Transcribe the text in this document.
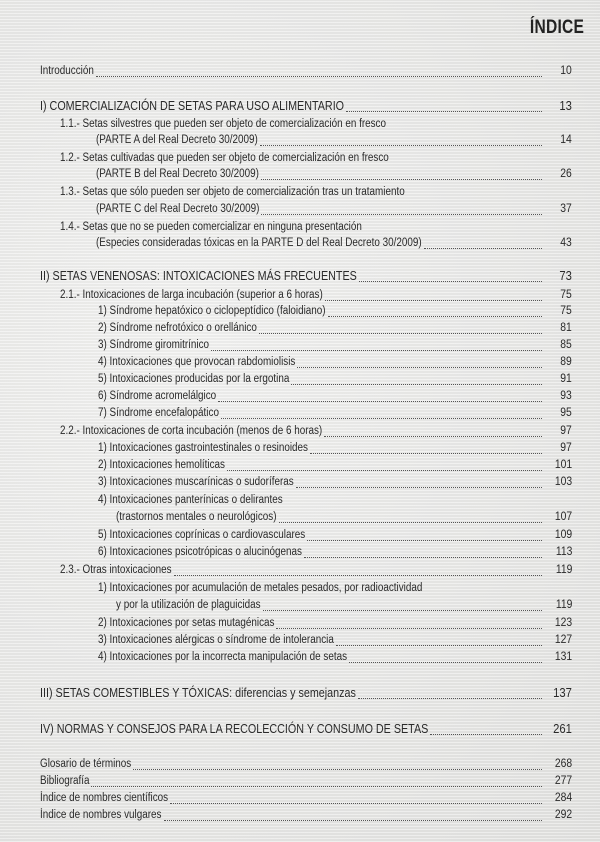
ÍNDICE
Introducción	10
I) COMERCIALIZACIÓN DE SETAS PARA USO ALIMENTARIO	13
1.1.- Setas silvestres que pueden ser objeto de comercialización en fresco
(PARTE A del Real Decreto 30/2009)	14
1.2.- Setas cultivadas que pueden ser objeto de comercialización en fresco
(PARTE B del Real Decreto 30/2009)	26
1.3.- Setas que sólo pueden ser objeto de comercialización tras un tratamiento
(PARTE C del Real Decreto 30/2009)	37
1.4.- Setas que no se pueden comercializar en ninguna presentación
(Especies consideradas tóxicas en la PARTE D del Real Decreto 30/2009)	43
II) SETAS VENENOSAS: INTOXICACIONES MÁS FRECUENTES	73
2.1.- Intoxicaciones de larga incubación (superior a 6 horas)	75
1) Síndrome hepatóxico o ciclopeptídico (faloidiano)	75
2) Síndrome nefrotóxico o orellánico	81
3) Síndrome giromitrínico	85
4) Intoxicaciones que provocan rabdomiolisis	89
5) Intoxicaciones producidas por la ergotina	91
6) Síndrome acromelálgico	93
7) Síndrome encefalopático	95
2.2.- Intoxicaciones de corta incubación (menos de 6 horas)	97
1) Intoxicaciones gastrointestinales o resinoides	97
2) Intoxicaciones hemolíticas	101
3) Intoxicaciones muscarínicas o sudoríferas	103
4) Intoxicaciones panterínicas o delirantes
(trastornos mentales o neurológicos)	107
5) Intoxicaciones coprínicas o cardiovasculares	109
6) Intoxicaciones psicotrópicas o alucinógenas	113
2.3.- Otras intoxicaciones	119
1) Intoxicaciones por acumulación de metales pesados, por radioactividad
y por la utilización de plaguicidas	119
2) Intoxicaciones por setas mutagénicas	123
3) Intoxicaciones alérgicas o síndrome de intolerancia	127
4) Intoxicaciones por la incorrecta manipulación de setas	131
III) SETAS COMESTIBLES Y TÓXICAS: diferencias y semejanzas	137
IV) NORMAS Y CONSEJOS PARA LA RECOLECCIÓN Y CONSUMO DE SETAS	261
Glosario de términos	268
Bibliografía	277
Índice de nombres científicos	284
Índice de nombres vulgares	292
